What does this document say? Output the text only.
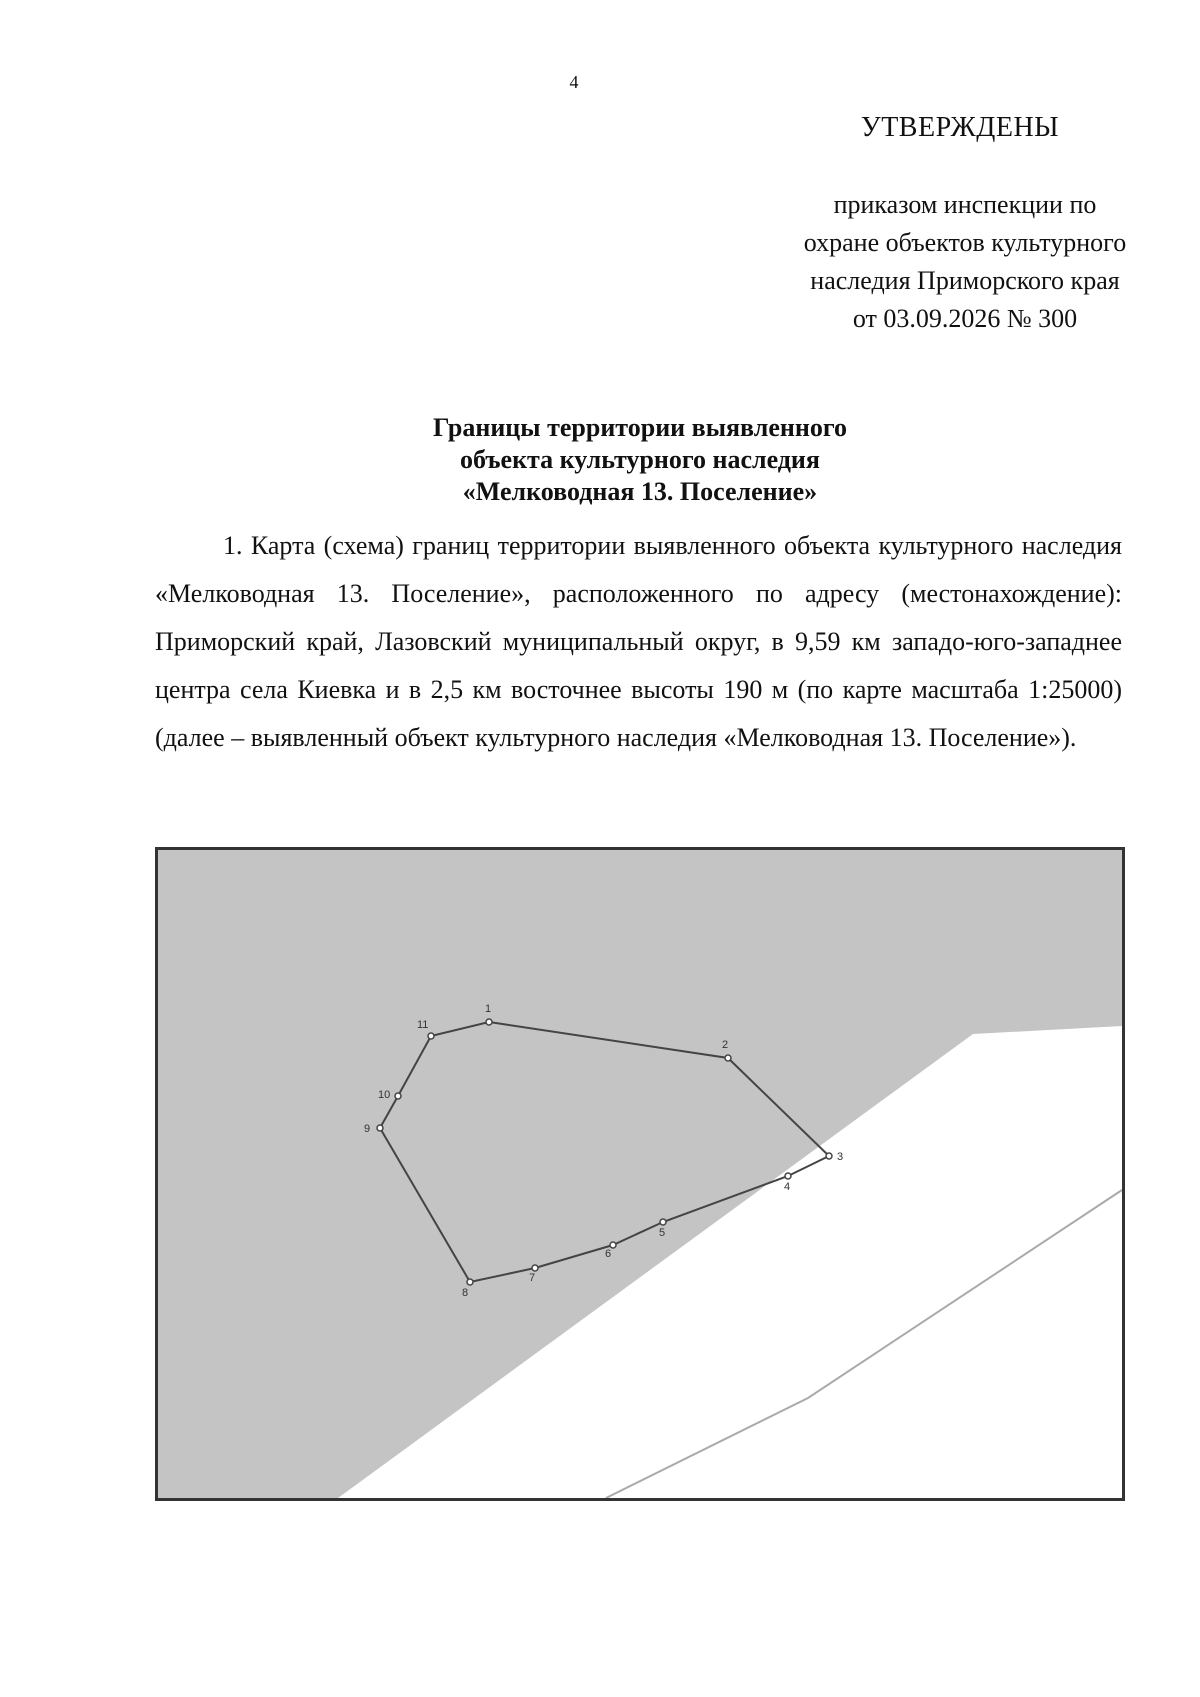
4
УТВЕРЖДЕНЫ
приказом инспекции по
охране объектов культурного
наследия Приморского края
от 03.09.2026 № 300
Границы территории выявленного
объекта культурного наследия
«Мелководная 13. Поселение»
1. Карта (схема) границ территории выявленного объекта культурного наследия «Мелководная 13. Поселение», расположенного по адресу (местонахождение): Приморский край, Лазовский муниципальный округ, в 9,59 км западо-юго-западнее центра села Киевка и в 2,5 км восточнее высоты 190 м (по карте масштаба 1:25000) (далее – выявленный объект культурного наследия «Мелководная 13. Поселение»).
1
2
3
4
5
6
7
8
9
10
11
